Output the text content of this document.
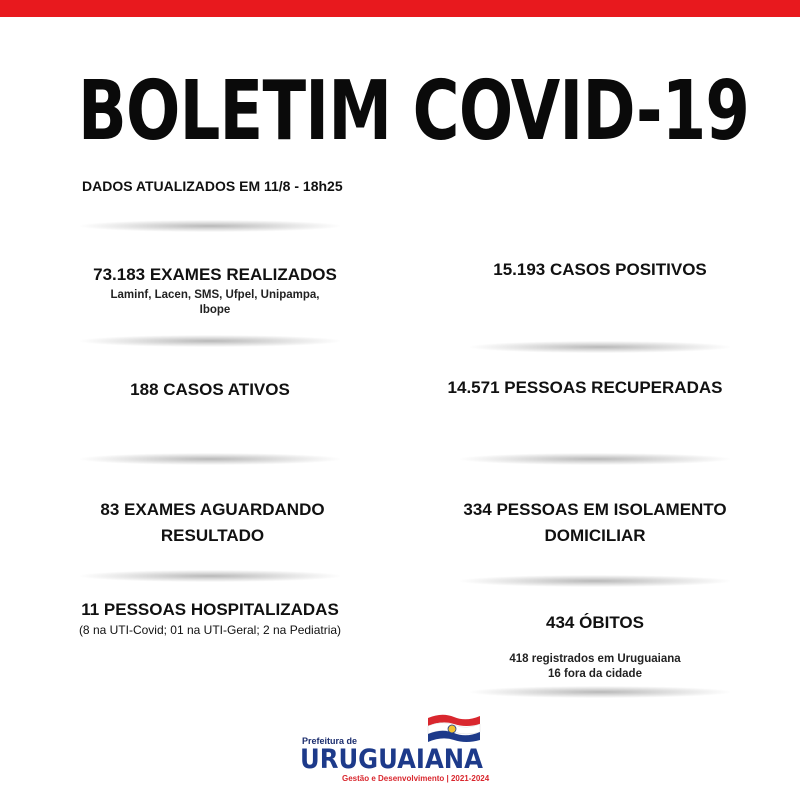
BOLETIM COVID-19
DADOS ATUALIZADOS EM 11/8 - 18h25
73.183 EXAMES REALIZADOS
Laminf, Lacen, SMS, Ufpel, Unipampa,
Ibope
15.193 CASOS POSITIVOS
188 CASOS ATIVOS	14.571 PESSOAS RECUPERADAS
83 EXAMES AGUARDANDO
RESULTADO
334 PESSOAS EM ISOLAMENTO
DOMICILIAR
11 PESSOAS HOSPITALIZADAS
(8 na UTI-Covid; 01 na UTI-Geral; 2 na Pediatria)	434 ÓBITOS
418 registrados em Uruguaiana
16 fora da cidade
Prefeitura de
URUGUAIANA
Gestão e Desenvolvimento | 2021-2024
